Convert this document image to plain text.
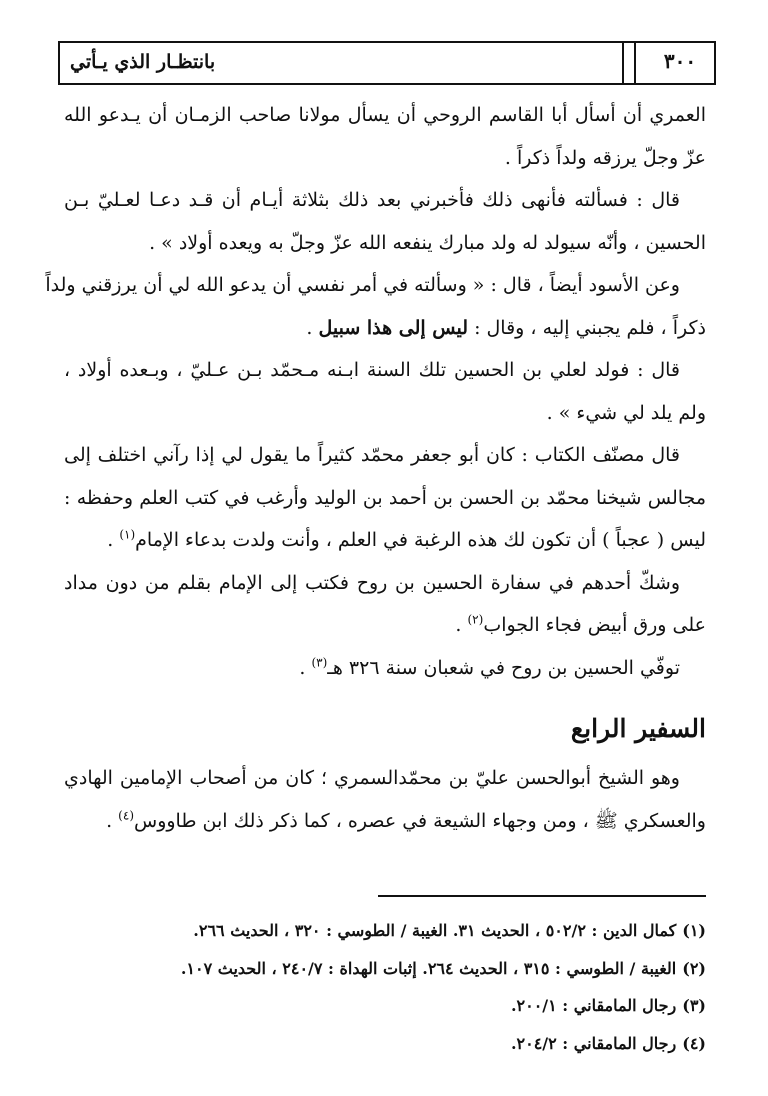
بانتظـار الذي يـأتي	٣٠٠
العمري أن أسأل أبا القاسم الروحي أن يسأل مولانا صاحب الزمـان أن يـدعو الله
عزّ وجلّ يرزقه ولداً ذكراً .
قال : فسألته فأنهى ذلك فأخبرني بعد ذلك بثلاثة أيـام أن قـد دعـا لعـليّ بـن
الحسين ، وأنّه سيولد له ولد مبارك ينفعه الله عزّ وجلّ به ويعده أولاد » .
وعن الأسود أيضاً ، قال : « وسألته في أمر نفسي أن يدعو الله لي أن يرزقني ولداً
ذكراً ، فلم يجبني إليه ، وقال : ليس إلى هذا سبيل .
قال : فولد لعلي بن الحسين تلك السنة ابـنه مـحمّد بـن عـليّ ، وبـعده أولاد ،
ولم يلد لي شيء » .
قال مصنّف الكتاب : كان أبو جعفر محمّد كثيراً ما يقول لي إذا رآني اختلف إلى
مجالس شيخنا محمّد بن الحسن بن أحمد بن الوليد وأرغب في كتب العلم وحفظه :
ليس ( عجباً ) أن تكون لك هذه الرغبة في العلم ، وأنت ولدت بدعاء الإمام$^{(١)}$ .
وشكّ أحدهم في سفارة الحسين بن روح فكتب إلى الإمام بقلم من دون مداد
على ورق أبيض فجاء الجواب$^{(٢)}$ .
توفّي الحسين بن روح في شعبان سنة ٣٢٦ هـ$^{(٣)}$ .
السفير الرابع
وهو الشيخ أبوالحسن عليّ بن محمّدالسمري ؛ كان من أصحاب الإمامين الهادي
والعسكري ﷺ ، ومن وجهاء الشيعة في عصره ، كما ذكر ذلك ابن طاووس$^{(٤)}$ .
(١)كمال الدين : ٥٠٢/٢ ، الحديث ٣١. الغيبة / الطوسي : ٣٢٠ ، الحديث ٢٦٦.
(٢)الغيبة / الطوسي : ٣١٥ ، الحديث ٢٦٤. إثبات الهداة : ٢٤٠/٧ ، الحديث ١٠٧.
(٣)رجال المامقاني : ٢٠٠/١.
(٤)رجال المامقاني : ٢٠٤/٢.
